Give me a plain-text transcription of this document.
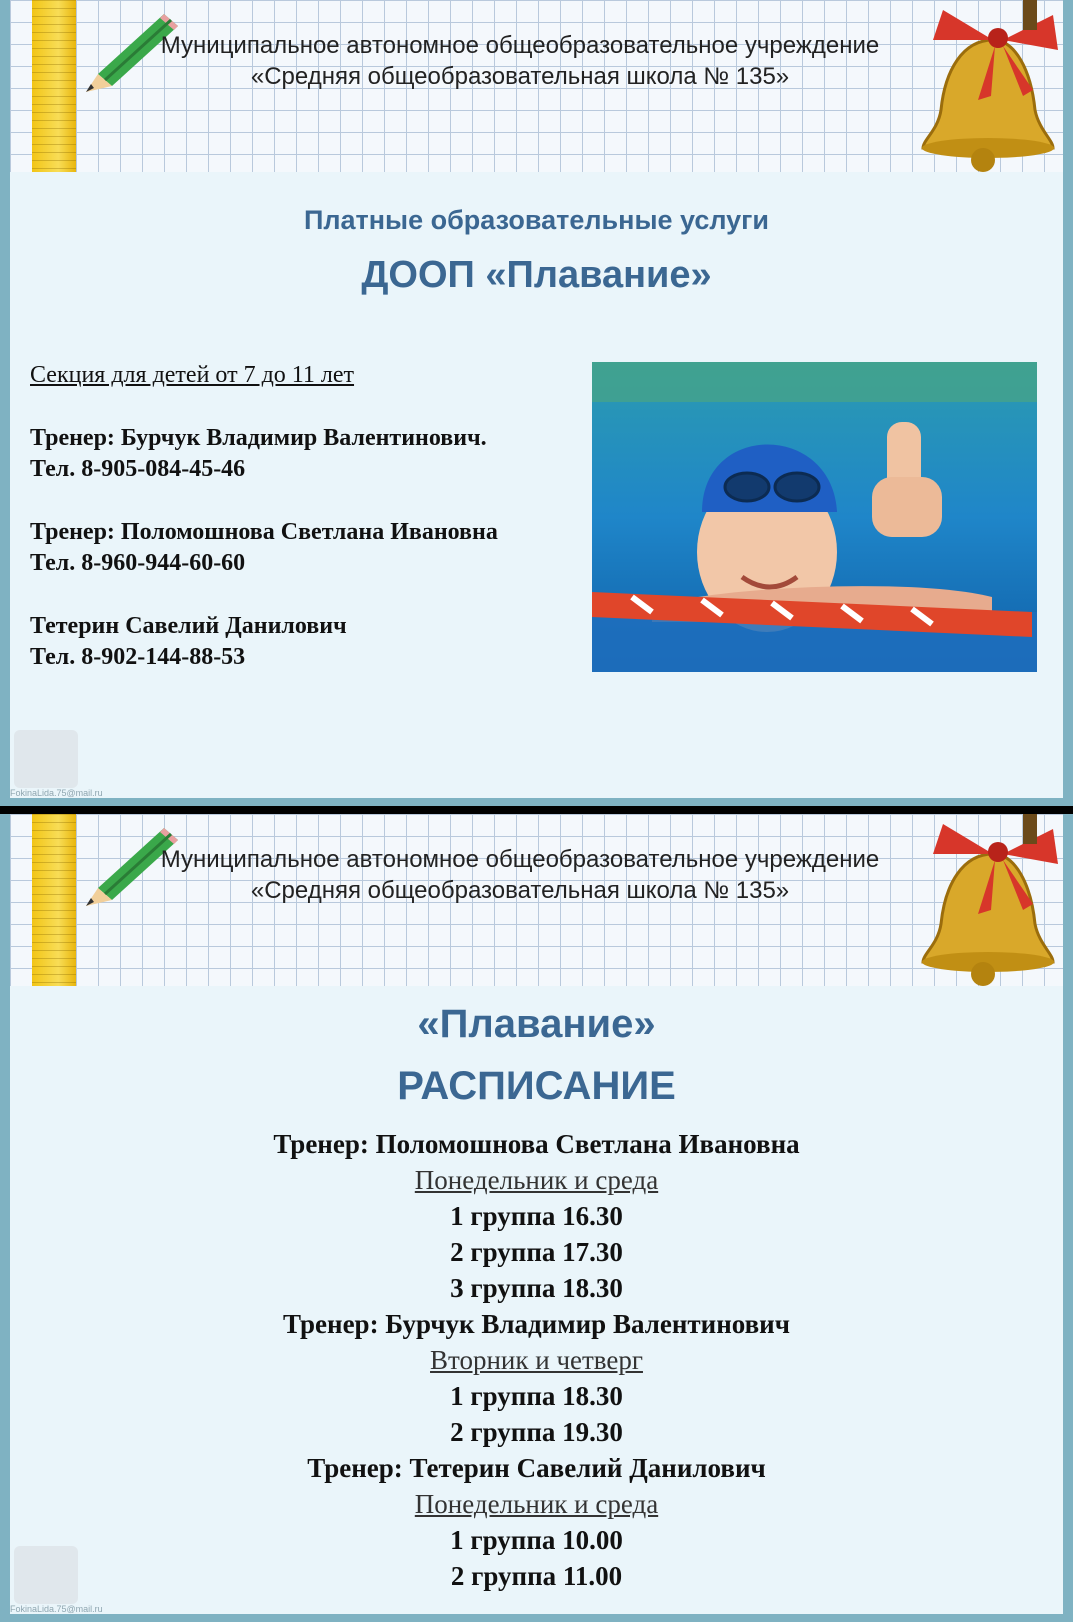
Муниципальное автономное общеобразовательное учреждение «Средняя общеобразовательная школа № 135»
Платные образовательные услуги
ДООП «Плавание»
Секция для детей от 7 до 11 лет
Тренер: Бурчук Владимир Валентинович.
Тел. 8-905-084-45-46
Тренер: Поломошнова Светлана Ивановна
Тел. 8-960-944-60-60
Тетерин Савелий Данилович
Тел. 8-902-144-88-53
FokinaLida.75@mail.ru
Муниципальное автономное общеобразовательное учреждение «Средняя общеобразовательная школа № 135»
«Плавание»
РАСПИСАНИЕ
Тренер: Поломошнова Светлана Ивановна
Понедельник и среда
1 группа 16.30
2 группа 17.30
3 группа 18.30
Тренер: Бурчук Владимир Валентинович
Вторник и четверг
1 группа 18.30
2 группа 19.30
Тренер: Тетерин Савелий Данилович
Понедельник и среда
1 группа 10.00
2 группа 11.00
FokinaLida.75@mail.ru
